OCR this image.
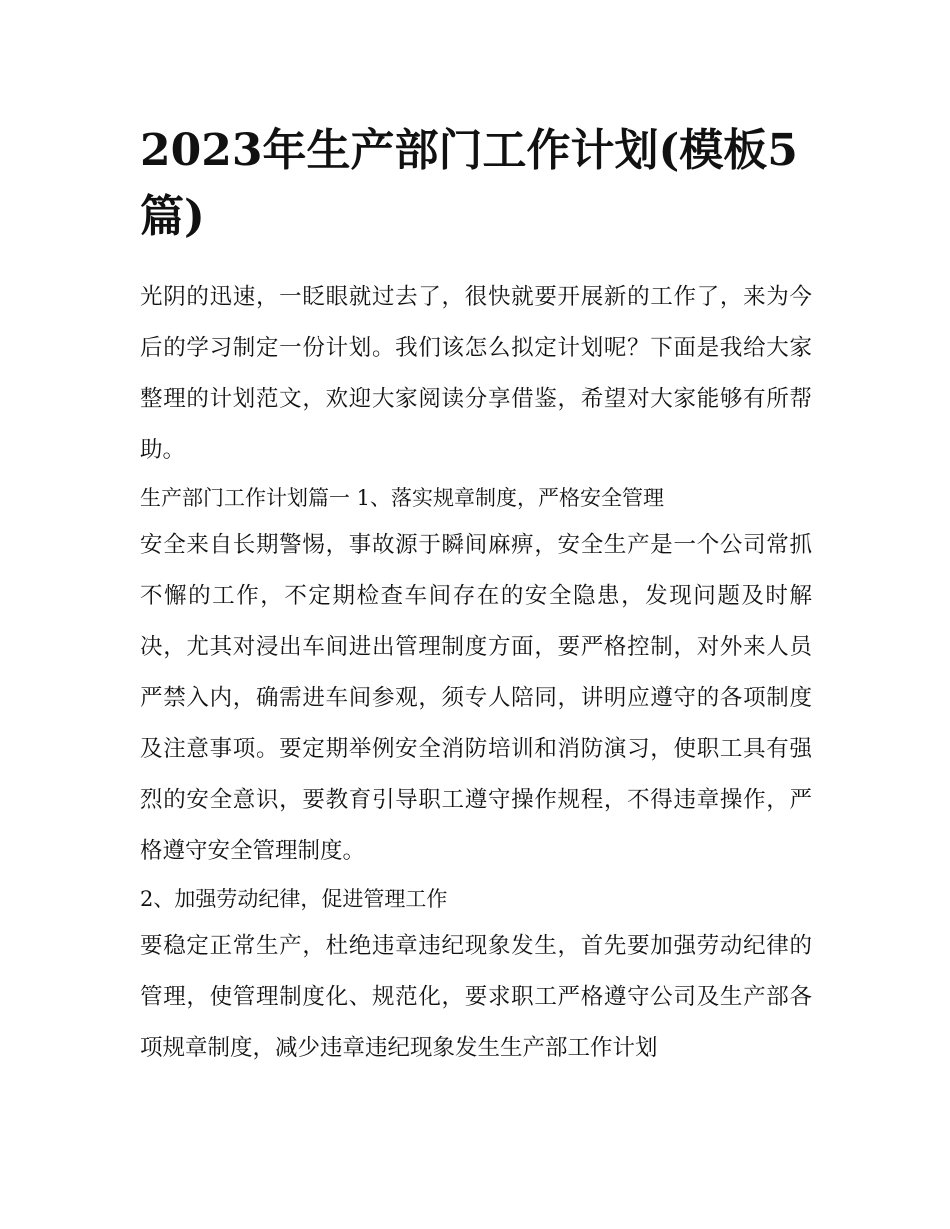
2023年生产部门工作计划(模板5篇)

光阴的迅速，一眨眼就过去了，很快就要开展新的工作了，来为今后的学习制定一份计划。我们该怎么拟定计划呢？下面是我给大家整理的计划范文，欢迎大家阅读分享借鉴，希望对大家能够有所帮助。

生产部门工作计划篇一 1、落实规章制度，严格安全管理

安全来自长期警惕，事故源于瞬间麻痹，安全生产是一个公司常抓不懈的工作，不定期检查车间存在的安全隐患，发现问题及时解决，尤其对浸出车间进出管理制度方面，要严格控制，对外来人员严禁入内，确需进车间参观，须专人陪同，讲明应遵守的各项制度及注意事项。要定期举例安全消防培训和消防演习，使职工具有强烈的安全意识，要教育引导职工遵守操作规程，不得违章操作，严格遵守安全管理制度。

2、加强劳动纪律，促进管理工作

要稳定正常生产，杜绝违章违纪现象发生，首先要加强劳动纪律的管理，使管理制度化、规范化，要求职工严格遵守公司及生产部各项规章制度，减少违章违纪现象发生生产部工作计划
